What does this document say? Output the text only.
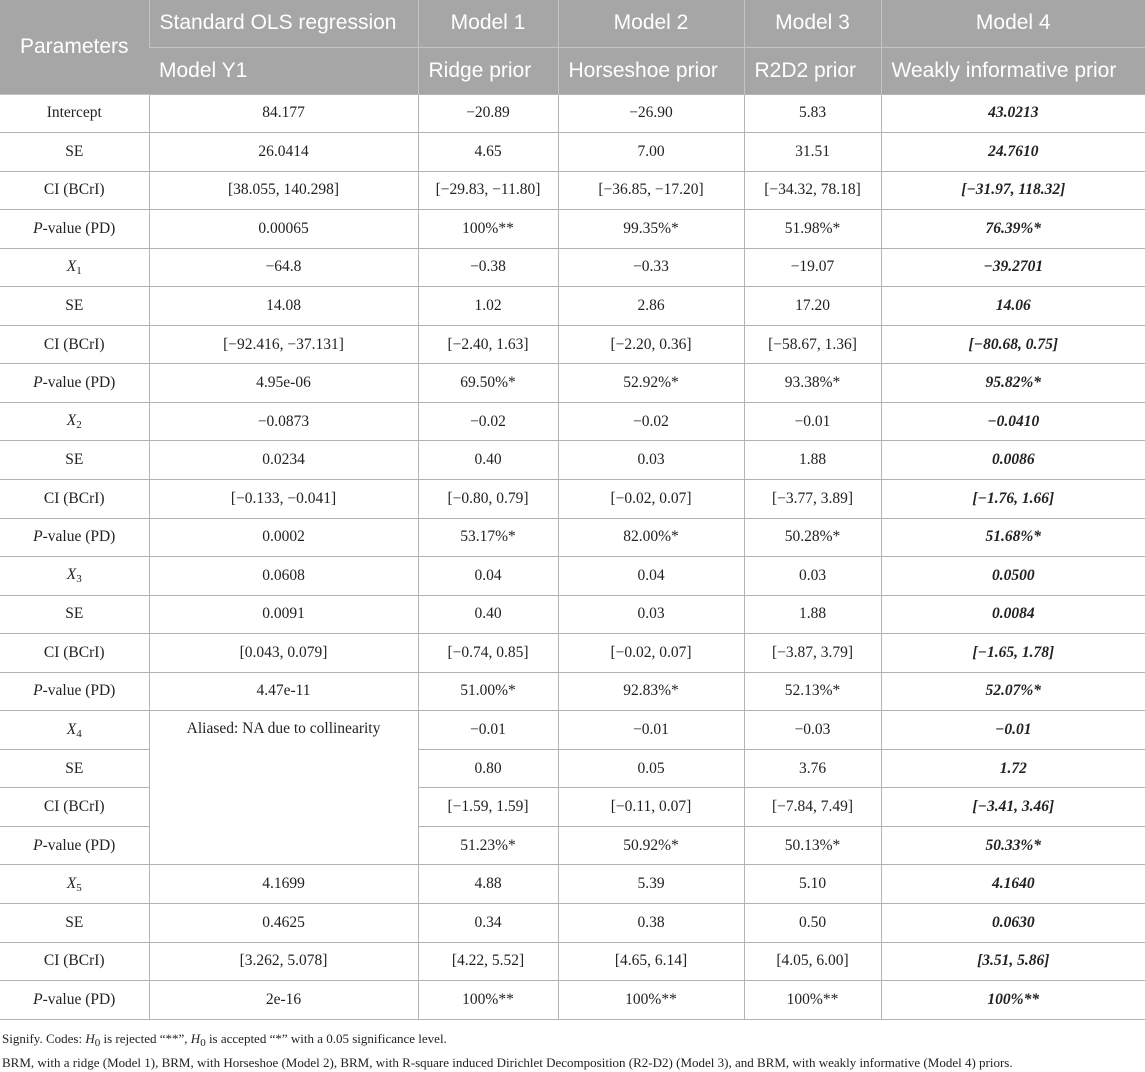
Parameters	Standard OLS regression	Model 1	Model 2	Model 3	Model 4
	Model Y1	Ridge prior	Horseshoe prior	R2D2 prior	Weakly informative prior
Intercept	84.177	−20.89	−26.90	5.83	43.0213
SE	26.0414	4.65	7.00	31.51	24.7610
CI (BCrI)	[38.055, 140.298]	[−29.83, −11.80]	[−36.85, −17.20]	[−34.32, 78.18]	[−31.97, 118.32]
P-value (PD)	0.00065	100%**	99.35%*	51.98%*	76.39%*
$X_1$	−64.8	−0.38	−0.33	−19.07	−39.2701
SE	14.08	1.02	2.86	17.20	14.06
CI (BCrI)	[−92.416, −37.131]	[−2.40, 1.63]	[−2.20, 0.36]	[−58.67, 1.36]	[−80.68, 0.75]
P-value (PD)	4.95e-06	69.50%*	52.92%*	93.38%*	95.82%*
$X_2$	−0.0873	−0.02	−0.02	−0.01	−0.0410
SE	0.0234	0.40	0.03	1.88	0.0086
CI (BCrI)	[−0.133, −0.041]	[−0.80, 0.79]	[−0.02, 0.07]	[−3.77, 3.89]	[−1.76, 1.66]
P-value (PD)	0.0002	53.17%*	82.00%*	50.28%*	51.68%*
$X_3$	0.0608	0.04	0.04	0.03	0.0500
SE	0.0091	0.40	0.03	1.88	0.0084
CI (BCrI)	[0.043, 0.079]	[−0.74, 0.85]	[−0.02, 0.07]	[−3.87, 3.79]	[−1.65, 1.78]
P-value (PD)	4.47e-11	51.00%*	92.83%*	52.13%*	52.07%*
$X_4$	Aliased: NA due to collinearity	−0.01	−0.01	−0.03	−0.01
SE		0.80	0.05	3.76	1.72
CI (BCrI)		[−1.59, 1.59]	[−0.11, 0.07]	[−7.84, 7.49]	[−3.41, 3.46]
P-value (PD)		51.23%*	50.92%*	50.13%*	50.33%*
$X_5$	4.1699	4.88	5.39	5.10	4.1640
SE	0.4625	0.34	0.38	0.50	0.0630
CI (BCrI)	[3.262, 5.078]	[4.22, 5.52]	[4.65, 6.14]	[4.05, 6.00]	[3.51, 5.86]
P-value (PD)	2e-16	100%**	100%**	100%**	100%**
Signify. Codes: $H_0$ is rejected “**”, $H_0$ is accepted “*” with a 0.05 significance level.
BRM, with a ridge (Model 1), BRM, with Horseshoe (Model 2), BRM, with R-square induced Dirichlet Decomposition (R2-D2) (Model 3), and BRM, with weakly informative (Model 4) priors.
